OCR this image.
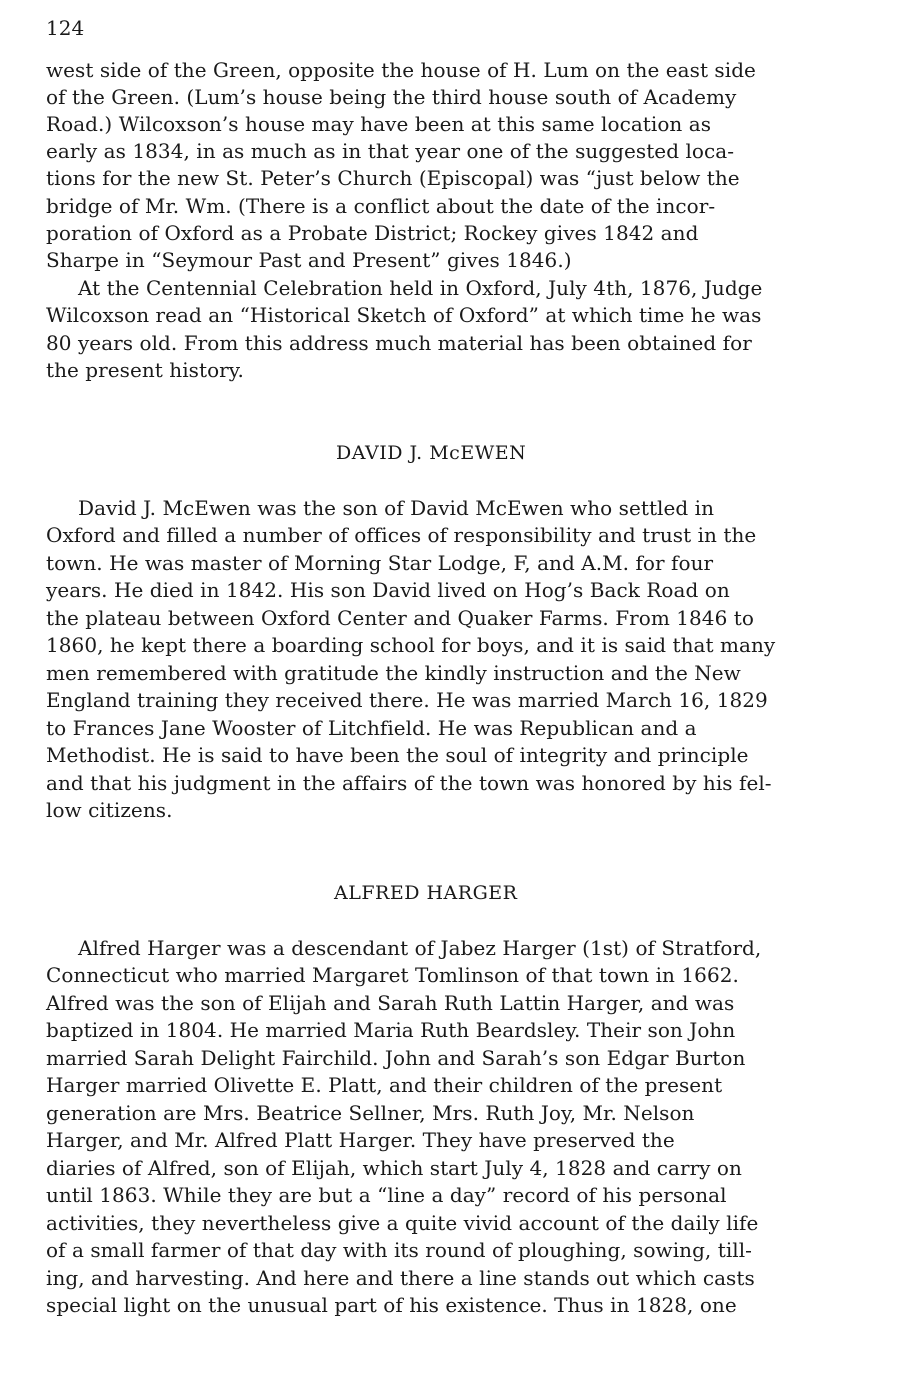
124
west side of the Green, opposite the house of H. Lum on the east side
of the Green. (Lum’s house being the third house south of Academy
Road.) Wilcoxson’s house may have been at this same location as
early as 1834, in as much as in that year one of the suggested loca-
tions for the new St. Peter’s Church (Episcopal) was “just below the
bridge of Mr. Wm. (There is a conflict about the date of the incor-
poration of Oxford as a Probate District; Rockey gives 1842 and
Sharpe in “Seymour Past and Present” gives 1846.)
At the Centennial Celebration held in Oxford, July 4th, 1876, Judge
Wilcoxson read an “Historical Sketch of Oxford” at which time he was
80 years old. From this address much material has been obtained for
the present history.
DAVID J. McEWEN
David J. McEwen was the son of David McEwen who settled in
Oxford and filled a number of offices of responsibility and trust in the
town. He was master of Morning Star Lodge, F, and A.M. for four
years. He died in 1842. His son David lived on Hog’s Back Road on
the plateau between Oxford Center and Quaker Farms. From 1846 to
1860, he kept there a boarding school for boys, and it is said that many
men remembered with gratitude the kindly instruction and the New
England training they received there. He was married March 16, 1829
to Frances Jane Wooster of Litchfield. He was Republican and a
Methodist. He is said to have been the soul of integrity and principle
and that his judgment in the affairs of the town was honored by his fel-
low citizens.
ALFRED HARGER
Alfred Harger was a descendant of Jabez Harger (1st) of Stratford,
Connecticut who married Margaret Tomlinson of that town in 1662.
Alfred was the son of Elijah and Sarah Ruth Lattin Harger, and was
baptized in 1804. He married Maria Ruth Beardsley. Their son John
married Sarah Delight Fairchild. John and Sarah’s son Edgar Burton
Harger married Olivette E. Platt, and their children of the present
generation are Mrs. Beatrice Sellner, Mrs. Ruth Joy, Mr. Nelson
Harger, and Mr. Alfred Platt Harger. They have preserved the
diaries of Alfred, son of Elijah, which start July 4, 1828 and carry on
until 1863. While they are but a “line a day” record of his personal
activities, they nevertheless give a quite vivid account of the daily life
of a small farmer of that day with its round of ploughing, sowing, till-
ing, and harvesting. And here and there a line stands out which casts
special light on the unusual part of his existence. Thus in 1828, one
